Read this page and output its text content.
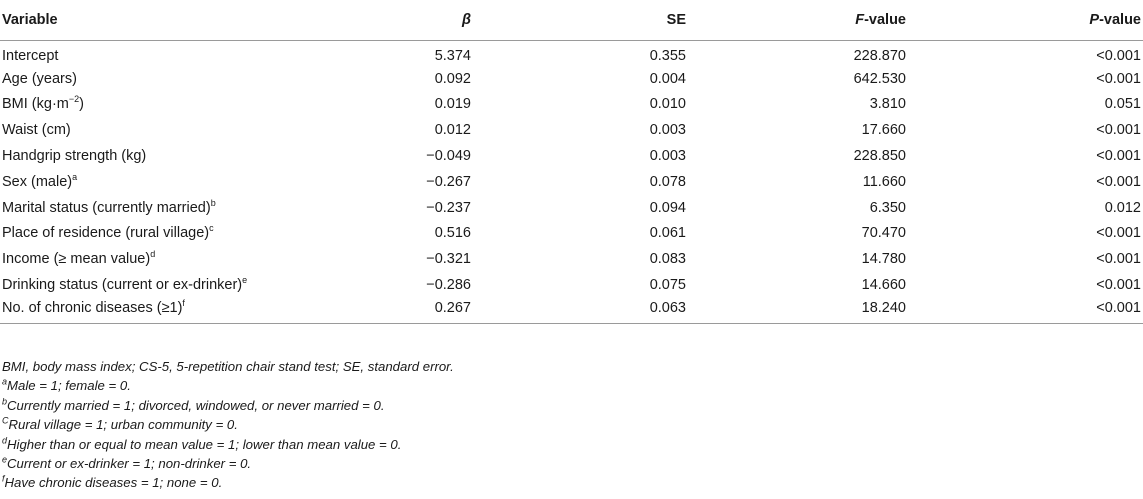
Variable	β	SE	F-value	P-value
Intercept	5.374	0.355	228.870	<0.001
Age (years)	0.092	0.004	642.530	<0.001
BMI $(kg\cdot m^{-2})$	0.019	0.010	3.810	0.051
Waist (cm)	0.012	0.003	17.660	<0.001
Handgrip strength (kg)	−0.049	0.003	228.850	<0.001
Sex (male)$^a$	−0.267	0.078	11.660	<0.001
Marital status (currently married)$^b$	−0.237	0.094	6.350	0.012
Place of residence (rural village)$^c$	0.516	0.061	70.470	<0.001
Income (≥ mean value)$^d$	−0.321	0.083	14.780	<0.001
Drinking status (current or ex-drinker)$^e$	−0.286	0.075	14.660	<0.001
No. of chronic diseases (≥1)$^f$	0.267	0.063	18.240	<0.001
BMI, body mass index; CS-5, 5-repetition chair stand test; SE, standard error.
$^a$Male = 1; female = 0.
$^b$Currently married = 1; divorced, windowed, or never married = 0.
$^C$Rural village = 1; urban community = 0.
$^d$Higher than or equal to mean value = 1; lower than mean value = 0.
$^e$Current or ex-drinker = 1; non-drinker = 0.
$^f$Have chronic diseases = 1; none = 0.
